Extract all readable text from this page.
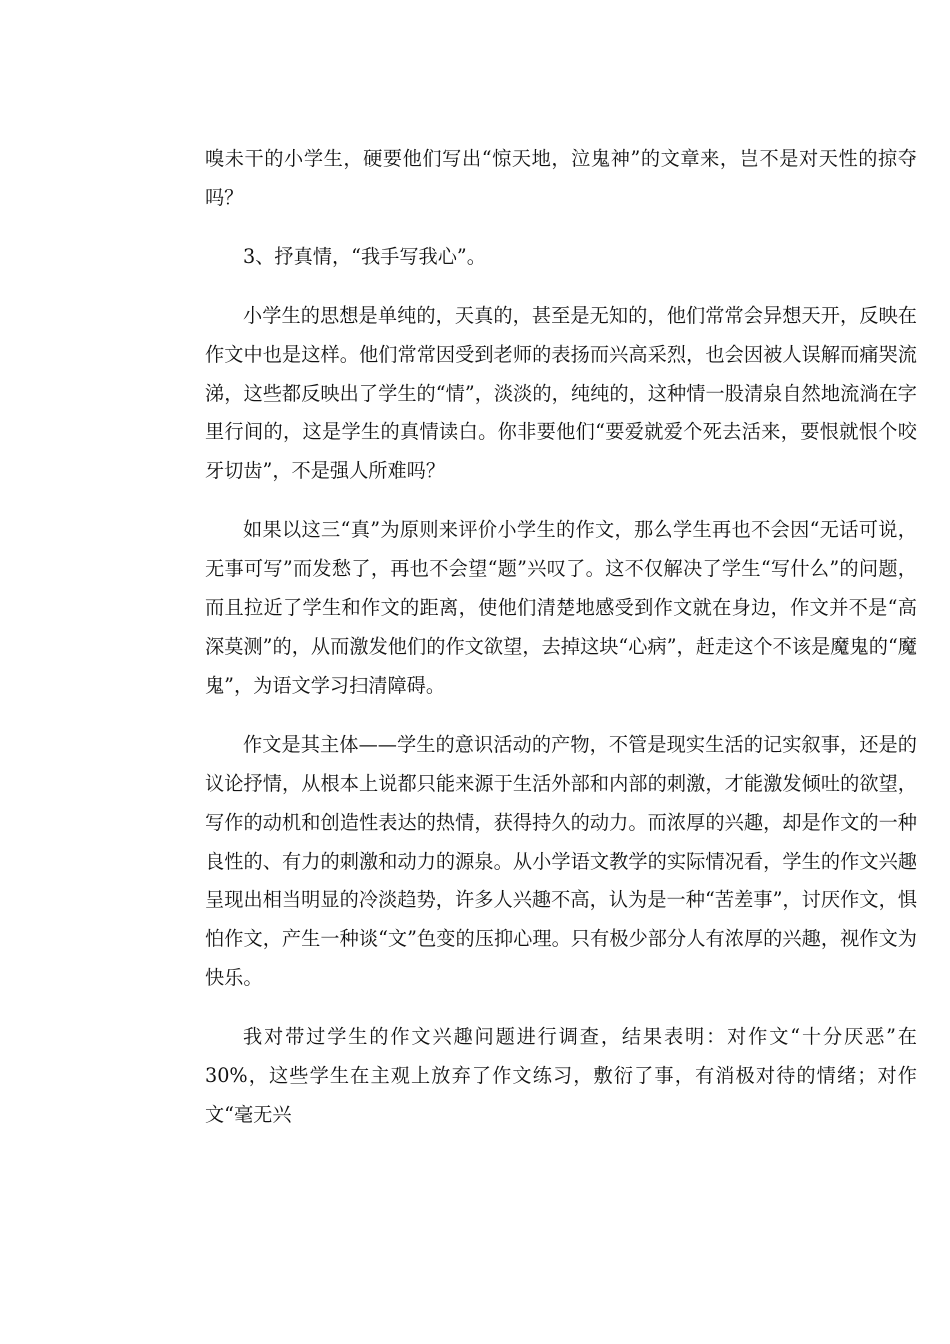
嗅未干的小学生，硬要他们写出“惊天地，泣鬼神”的文章来，岂不是对天性的掠夺吗？

3、抒真情，“我手写我心”。

小学生的思想是单纯的，天真的，甚至是无知的，他们常常会异想天开，反映在作文中也是这样。他们常常因受到老师的表扬而兴高采烈，也会因被人误解而痛哭流涕，这些都反映出了学生的“情”，淡淡的，纯纯的，这种情一股清泉自然地流淌在字里行间的，这是学生的真情读白。你非要他们“要爱就爱个死去活来，要恨就恨个咬牙切齿”，不是强人所难吗？

如果以这三“真”为原则来评价小学生的作文，那么学生再也不会因“无话可说，无事可写”而发愁了，再也不会望“题”兴叹了。这不仅解决了学生“写什么”的问题，而且拉近了学生和作文的距离，使他们清楚地感受到作文就在身边，作文并不是“高深莫测”的，从而激发他们的作文欲望，去掉这块“心病”，赶走这个不该是魔鬼的“魔鬼”，为语文学习扫清障碍。

作文是其主体——学生的意识活动的产物，不管是现实生活的记实叙事，还是的议论抒情，从根本上说都只能来源于生活外部和内部的刺激，才能激发倾吐的欲望，写作的动机和创造性表达的热情，获得持久的动力。而浓厚的兴趣，却是作文的一种良性的、有力的刺激和动力的源泉。从小学语文教学的实际情况看，学生的作文兴趣呈现出相当明显的冷淡趋势，许多人兴趣不高，认为是一种“苦差事”，讨厌作文，惧怕作文，产生一种谈“文”色变的压抑心理。只有极少部分人有浓厚的兴趣，视作文为快乐。

我对带过学生的作文兴趣问题进行调查，结果表明：对作文“十分厌恶”在30%，这些学生在主观上放弃了作文练习，敷衍了事，有消极对待的情绪；对作文“毫无兴
